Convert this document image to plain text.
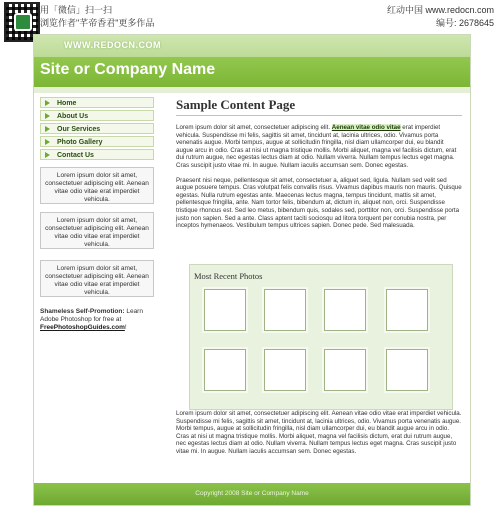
用「微信」扫一扫
浏览作者"芊帝香君"更多作品
红动中国 www.redocn.com
编号: 2678645
WWW.REDOCN.COM
Site or Company Name
Home
About Us
Our Services
Photo Gallery
Contact Us
Lorem ipsum dolor sit amet, consectetuer adipiscing elit. Aenean vitae odio vitae erat imperdiet vehicula.
Lorem ipsum dolor sit amet, consectetuer adipiscing elit. Aenean vitae odio vitae erat imperdiet vehicula.
Lorem ipsum dolor sit amet, consectetuer adipiscing elit. Aenean vitae odio vitae erat imperdiet vehicula.
Shameless Self-Promotion: Learn Adobe Photoshop for free at FreePhotoshopGuides.com!
Sample Content Page

Lorem ipsum dolor sit amet, consectetuer adipiscing elit. Aenean vitae odio vitae erat imperdiet vehicula. Suspendisse mi felis, sagittis sit amet, tincidunt at, lacinia ultrices, odio. Vivamus porta venenatis augue. Morbi tempus, augue at sollicitudin fringilla, nisl diam ullamcorper dui, eu blandit augue arcu in odio. Cras at nisi ut magna tristique mollis. Morbi aliquet, magna vel facilisis dictum, erat dui rutrum augue, nec egestas lectus diam at odio. Nullam viverra. Nullam tempus lectus eget magna. Cras suscipit justo vitae mi. In augue. Nullam iaculis accumsan sem. Donec egestas.

Praesent nisi neque, pellentesque sit amet, consectetuer a, aliquet sed, ligula. Nullam sed velit sed augue posuere tempus. Cras volutpat felis convallis risus. Vivamus dapibus mauris non mauris. Quisque egestas. Nulla rutrum egestas ante. Maecenas lectus magna, tempus tincidunt, mattis sit amet, pellentesque fringilla, ante. Nam tortor felis, bibendum at, dictum in, aliquet non, orci. Suspendisse tristique rhoncus est. Sed leo metus, bibendum quis, sodales sed, porttitor non, orci. Suspendisse porta justo non sapien. Sed a ante. Class aptent taciti sociosqu ad litora torquent per conubia nostra, per inceptos hymenaeos. Vestibulum tempus ultrices sapien. Donec pede. Sed malesuada.

Most Recent Photos

Lorem ipsum dolor sit amet, consectetuer adipiscing elit. Aenean vitae odio vitae erat imperdiet vehicula. Suspendisse mi felis, sagittis sit amet, tincidunt at, lacinia ultrices, odio. Vivamus porta venenatis augue. Morbi tempus, augue at sollicitudin fringilla, nisl diam ullamcorper dui, eu blandit augue arcu in odio. Cras at nisi ut magna tristique mollis. Morbi aliquet, magna vel facilisis dictum, erat dui rutrum augue, nec egestas lectus diam at odio. Nullam viverra. Nullam tempus lectus eget magna. Cras suscipit justo vitae mi. In augue. Nullam iaculis accumsan sem. Donec egestas.

Copyright 2008 Site or Company Name
